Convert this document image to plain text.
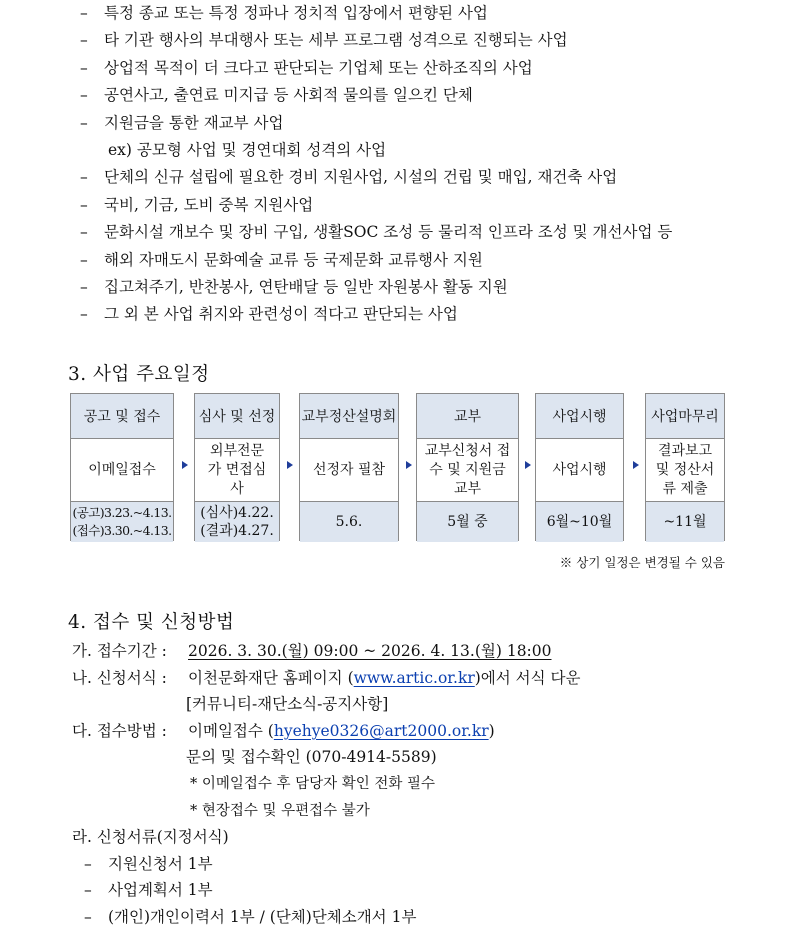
– 특정 종교 또는 특정 정파나 정치적 입장에서 편향된 사업
– 타 기관 행사의 부대행사 또는 세부 프로그램 성격으로 진행되는 사업
– 상업적 목적이 더 크다고 판단되는 기업체 또는 산하조직의 사업
– 공연사고, 출연료 미지급 등 사회적 물의를 일으킨 단체
– 지원금을 통한 재교부 사업
ex) 공모형 사업 및 경연대회 성격의 사업
– 단체의 신규 설립에 필요한 경비 지원사업, 시설의 건립 및 매입, 재건축 사업
– 국비, 기금, 도비 중복 지원사업
– 문화시설 개보수 및 장비 구입, 생활SOC 조성 등 물리적 인프라 조성 및 개선사업 등
– 해외 자매도시 문화예술 교류 등 국제문화 교류행사 지원
– 집고쳐주기, 반찬봉사, 연탄배달 등 일반 자원봉사 활동 지원
– 그 외 본 사업 취지와 관련성이 적다고 판단되는 사업
3. 사업 주요일정
공고 및 접수
이메일접수
(공고)3.23.~4.13.
(접수)3.30.~4.13.
심사 및 선정
외부전문가 면접심사
(심사)4.22.
(결과)4.27.
교부정산설명회
선정자 필참
5.6.
교부
교부신청서 접수 및 지원금 교부
5월 중
사업시행
사업시행
6월~10월
사업마무리
결과보고 및 정산서류 제출
~11월
※ 상기 일정은 변경될 수 있음
4. 접수 및 신청방법
가. 접수기간 : 2026. 3. 30.(월) 09:00 ~ 2026. 4. 13.(월) 18:00
나. 신청서식 : 이천문화재단 홈페이지 (www.artic.or.kr)에서 서식 다운
[커뮤니티-재단소식-공지사항]
다. 접수방법 : 이메일접수 (hyehye0326@art2000.or.kr)
문의 및 접수확인 (070-4914-5589)
* 이메일접수 후 담당자 확인 전화 필수
* 현장접수 및 우편접수 불가
라. 신청서류(지정서식)
– 지원신청서 1부
– 사업계획서 1부
– (개인)개인이력서 1부 / (단체)단체소개서 1부
